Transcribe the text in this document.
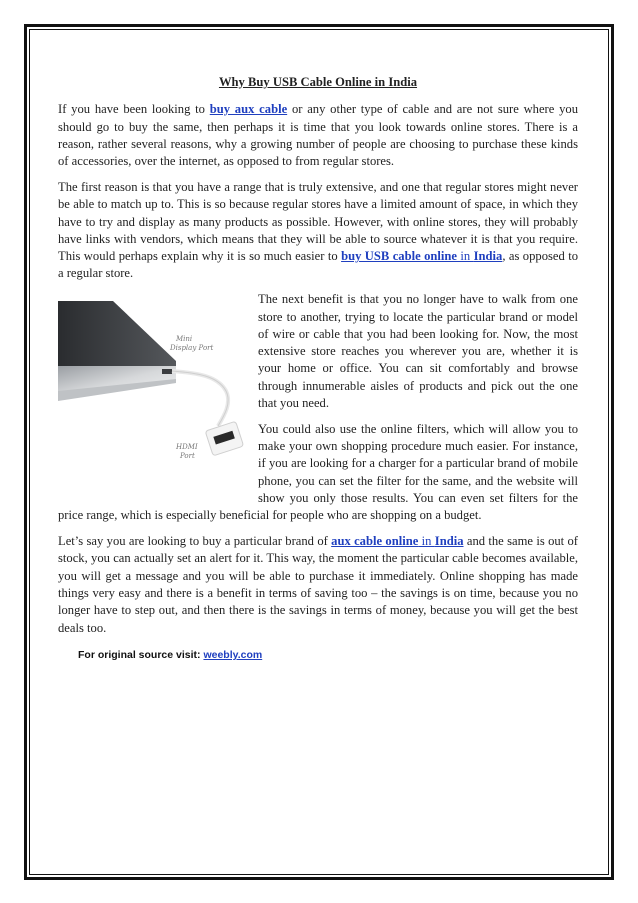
Why Buy USB Cable Online in India

If you have been looking to buy aux cable or any other type of cable and are not sure where you should go to buy the same, then perhaps it is time that you look towards online stores. There is a reason, rather several reasons, why a growing number of people are choosing to purchase these kinds of accessories, over the internet, as opposed to from regular stores.

The first reason is that you have a range that is truly extensive, and one that regular stores might never be able to match up to. This is so because regular stores have a limited amount of space, in which they have to try and display as many products as possible. However, with online stores, they will probably have links with vendors, which means that they will be able to source whatever it is that you require. This would perhaps explain why it is so much easier to buy USB cable online in India, as opposed to a regular store.

Mini
Display Port
HDMI
Port

The next benefit is that you no longer have to walk from one store to another, trying to locate the particular brand or model of wire or cable that you had been looking for. Now, the most extensive store reaches you wherever you are, whether it is your home or office. You can sit comfortably and browse through innumerable aisles of products and pick out the one that you need.

You could also use the online filters, which will allow you to make your own shopping procedure much easier. For instance, if you are looking for a charger for a particular brand of mobile phone, you can set the filter for the same, and the website will show you only those results. You can even set filters for the price range, which is especially beneficial for people who are shopping on a budget.

Let’s say you are looking to buy a particular brand of aux cable online in India and the same is out of stock, you can actually set an alert for it. This way, the moment the particular cable becomes available, you will get a message and you will be able to purchase it immediately. Online shopping has made things very easy and there is a benefit in terms of saving too – the savings is on time, because you no longer have to step out, and then there is the savings in terms of money, because you will get the best deals too.

For original source visit: weebly.com
